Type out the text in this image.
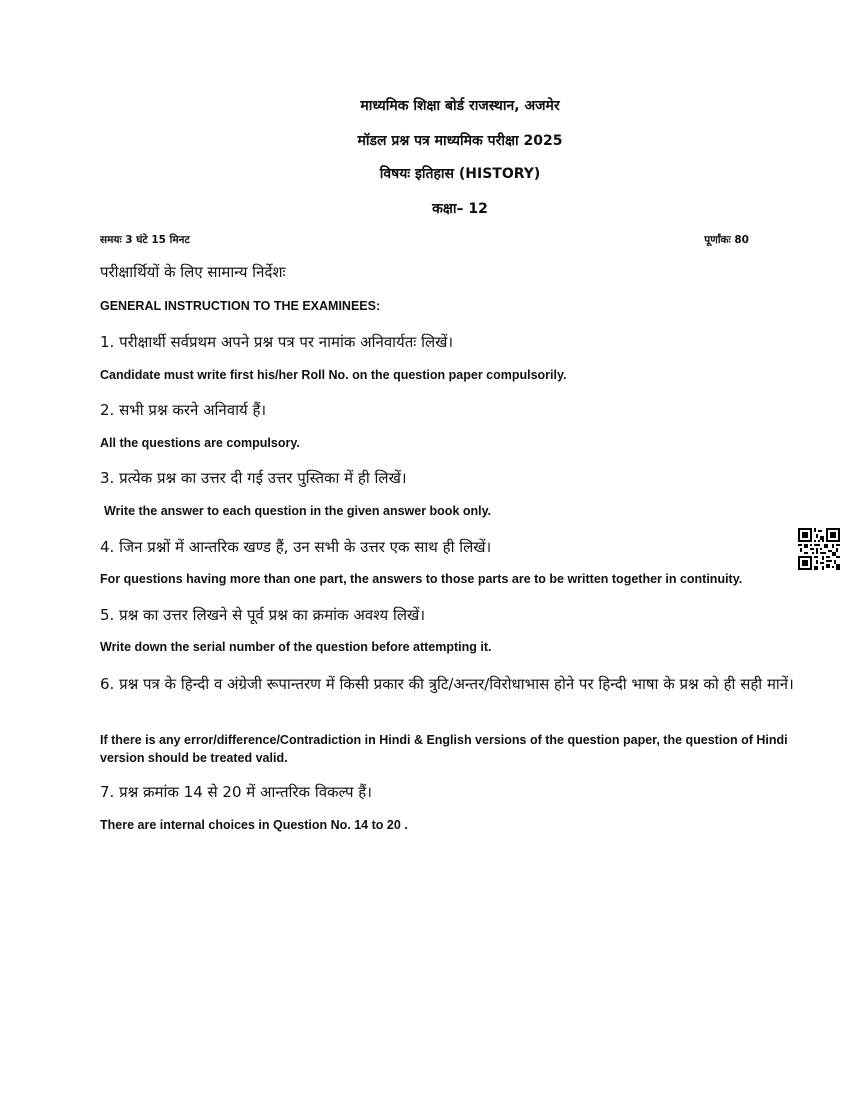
माध्यमिक शिक्षा बोर्ड राजस्थान, अजमेर
मॉडल प्रश्न पत्र माध्यमिक परीक्षा 2025
विषयः इतिहास (HISTORY)
कक्षा– 12
समयः 3 घंटे 15 मिनट	पूर्णांकः 80
परीक्षार्थियों के लिए सामान्य निर्देशः
GENERAL INSTRUCTION TO THE EXAMINEES:
1. परीक्षार्थी सर्वप्रथम अपने प्रश्न पत्र पर नामांक अनिवार्यतः लिखें।
Candidate must write first his/her Roll No. on the question paper compulsorily.
2. सभी प्रश्न करने अनिवार्य हैं।
All the questions are compulsory.
3. प्रत्येक प्रश्न का उत्तर दी गई उत्तर पुस्तिका में ही लिखें।
Write the answer to each question in the given answer book only.
4. जिन प्रश्नों में आन्तरिक खण्ड हैं, उन सभी के उत्तर एक साथ ही लिखें।
For questions having more than one part, the answers to those parts are to be written together in continuity.
5. प्रश्न का उत्तर लिखने से पूर्व प्रश्न का क्रमांक अवश्य लिखें।
Write down the serial number of the question before attempting it.
6. प्रश्न पत्र के हिन्दी व अंग्रेजी रूपान्तरण में किसी प्रकार की त्रुटि/अन्तर/विरोधाभास होने पर हिन्दी भाषा के प्रश्न को ही सही मानें।
If there is any error/difference/Contradiction in Hindi & English versions of the question paper, the question of Hindi version should be treated valid.
7. प्रश्न क्रमांक 14 से 20 में आन्तरिक विकल्प हैं।
There are internal choices in Question No. 14 to 20 .
